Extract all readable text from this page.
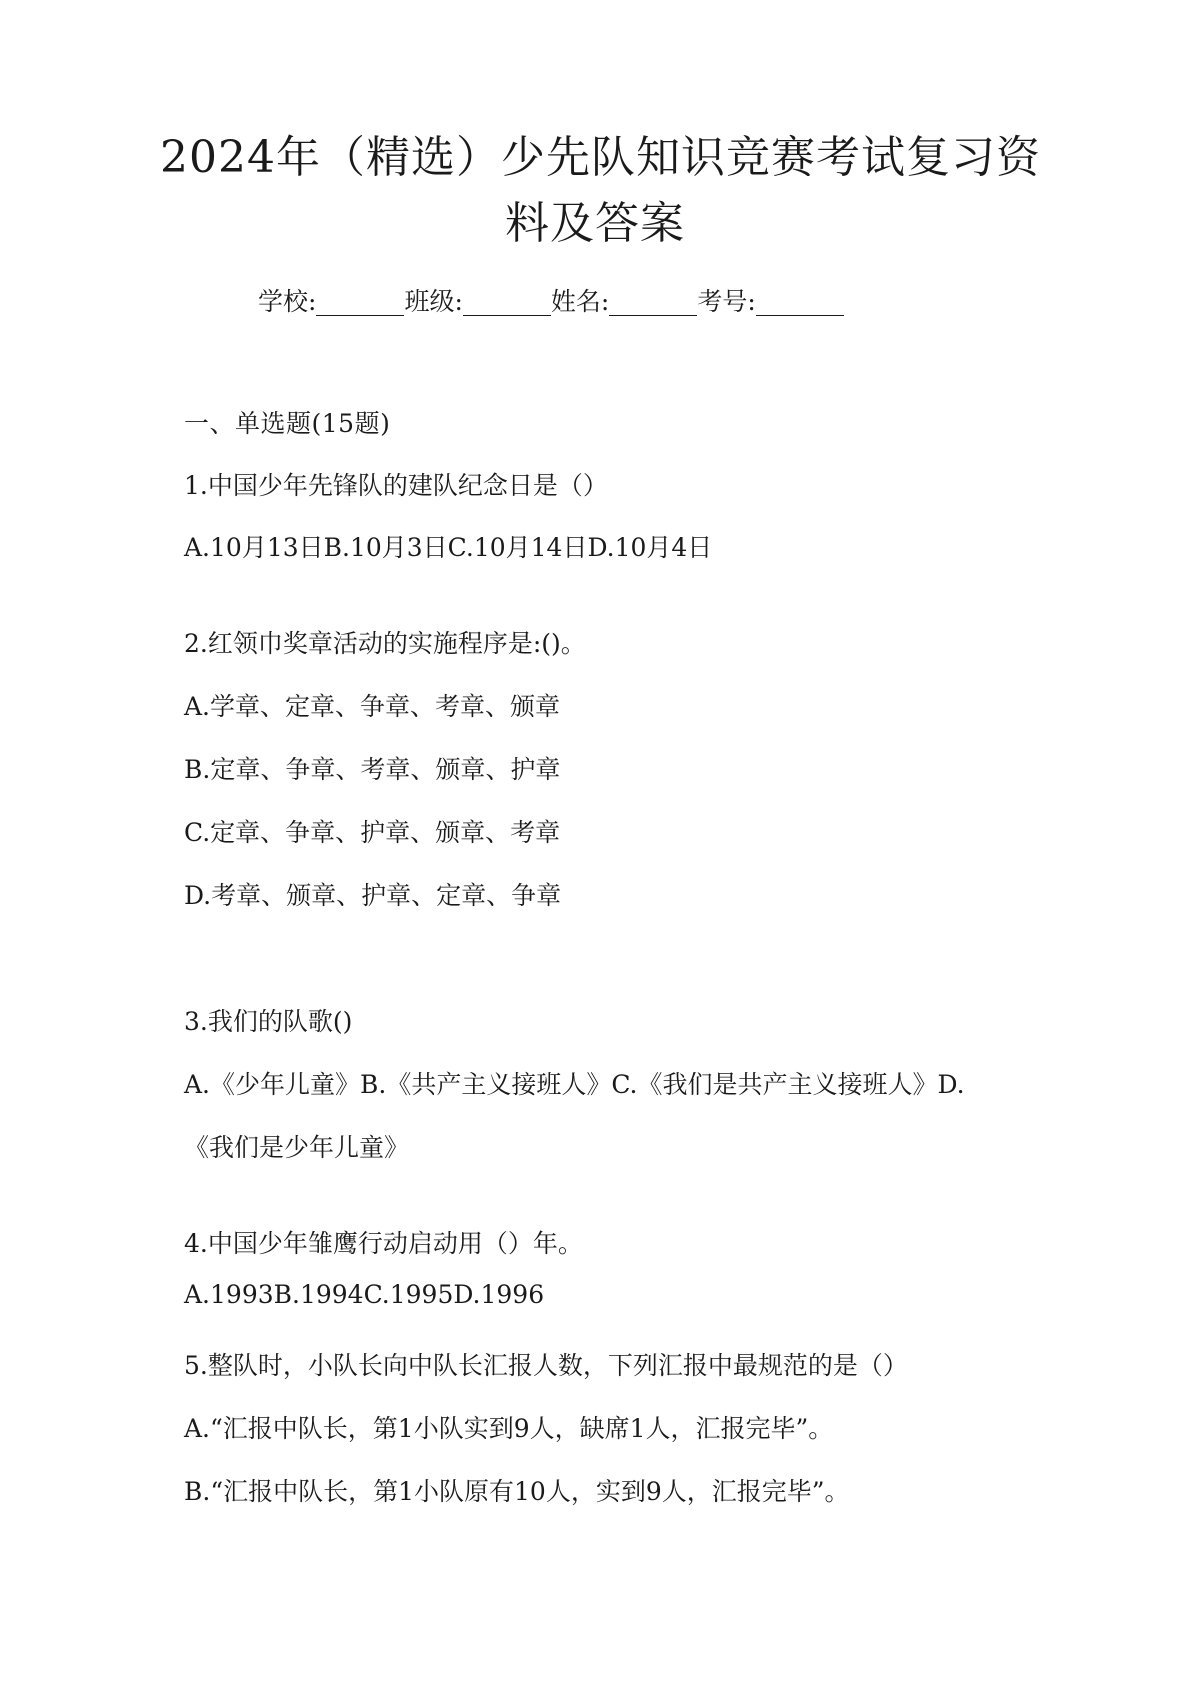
2024年（精选）少先队知识竞赛考试复习资
料及答案
学校:	班级:	姓名:	考号:
一、单选题(15题)
1.中国少年先锋队的建队纪念日是（）
A.10月13日B.10月3日C.10月14日D.10月4日
2.红领巾奖章活动的实施程序是:()。
A.学章、定章、争章、考章、颁章
B.定章、争章、考章、颁章、护章
C.定章、争章、护章、颁章、考章
D.考章、颁章、护章、定章、争章
3.我们的队歌()
A.《少年儿童》B.《共产主义接班人》C.《我们是共产主义接班人》D.
《我们是少年儿童》
4.中国少年雏鹰行动启动用（）年。
A.1993B.1994C.1995D.1996
5.整队时，小队长向中队长汇报人数，下列汇报中最规范的是（）
A.“汇报中队长，第1小队实到9人，缺席1人，汇报完毕”。
B.“汇报中队长，第1小队原有10人，实到9人，汇报完毕”。
